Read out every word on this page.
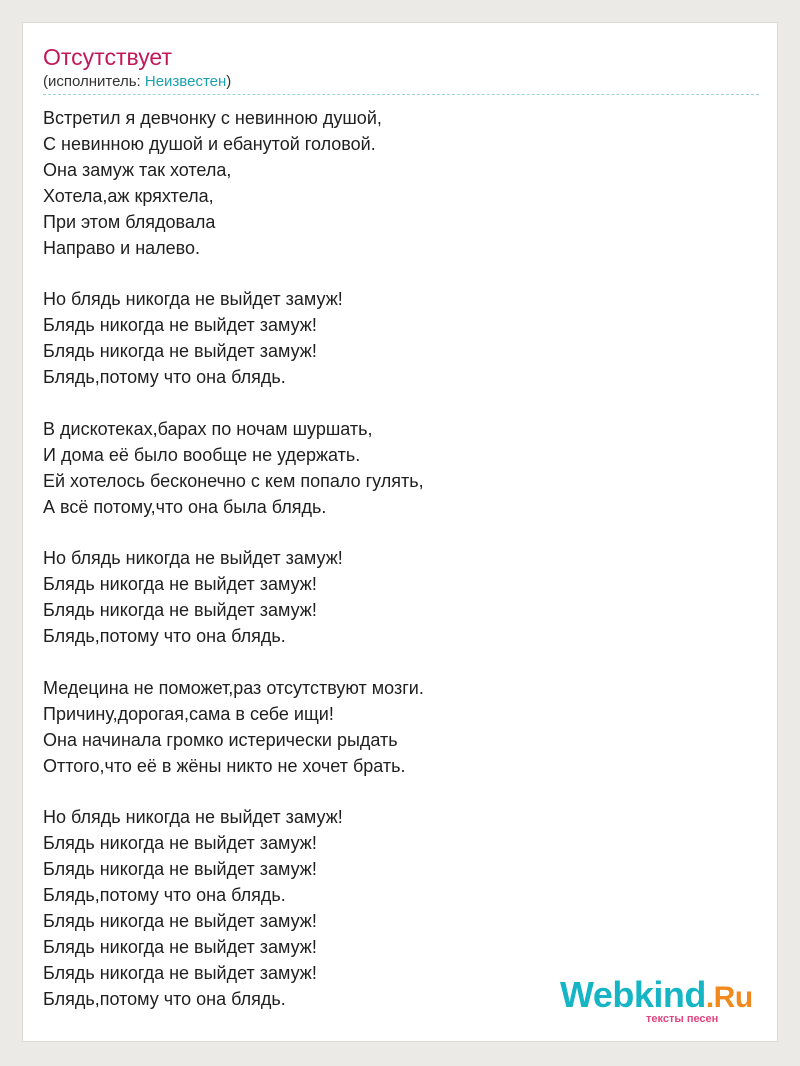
Отсутствует
(исполнитель: Неизвестен)
Встретил я девчонку с невинною душой,
С невинною душой и ебанутой головой.
Она замуж так хотела,
Хотела,аж кряхтела,
При этом блядовала
Направо и налево.
Но блядь никогда не выйдет замуж!
Блядь никогда не выйдет замуж!
Блядь никогда не выйдет замуж!
Блядь,потому что она блядь.
В дискотеках,барах по ночам шуршать,
И дома её было вообще не удержать.
Ей хотелось бесконечно с кем попало гулять,
А всё потому,что она была блядь.
Но блядь никогда не выйдет замуж!
Блядь никогда не выйдет замуж!
Блядь никогда не выйдет замуж!
Блядь,потому что она блядь.
Медецина не поможет,раз отсутствуют мозги.
Причину,дорогая,сама в себе ищи!
Она начинала громко истерически рыдать
Оттого,что её в жёны никто не хочет брать.
Но блядь никогда не выйдет замуж!
Блядь никогда не выйдет замуж!
Блядь никогда не выйдет замуж!
Блядь,потому что она блядь.
Блядь никогда не выйдет замуж!
Блядь никогда не выйдет замуж!
Блядь никогда не выйдет замуж!
Блядь,потому что она блядь.	Webkind.Ru
тексты песен
